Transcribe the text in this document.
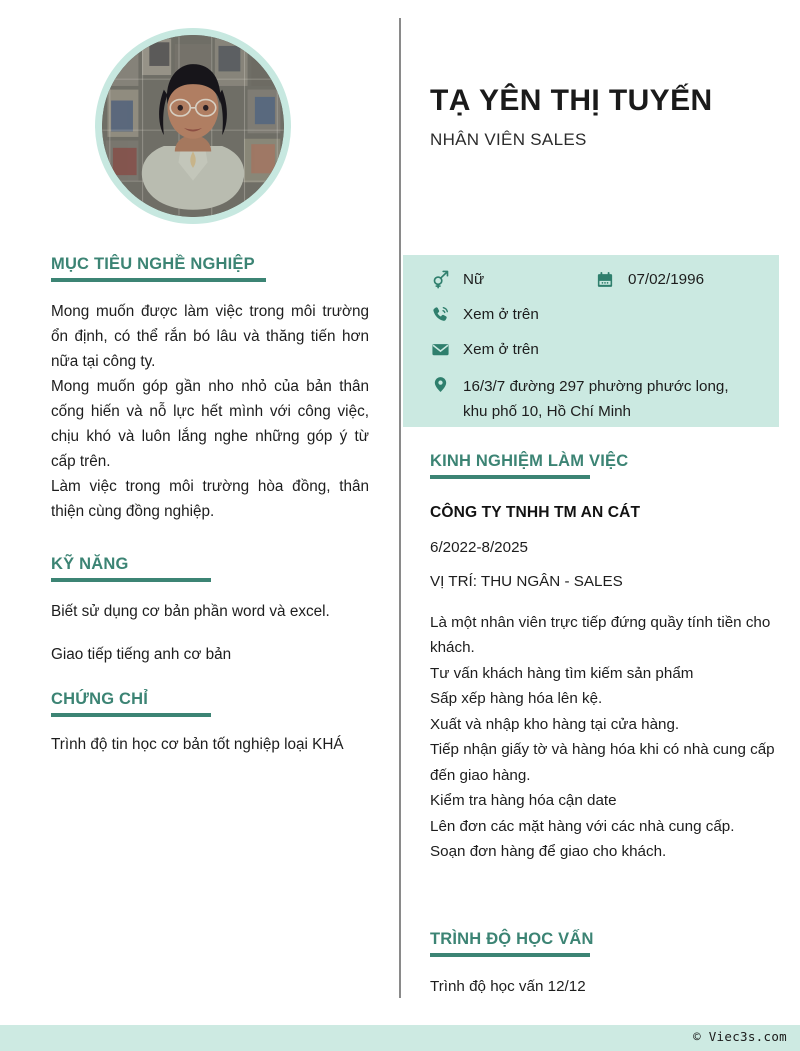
MỤC TIÊU NGHỀ NGHIỆP

Mong muốn được làm việc trong môi trường ổn định, có thể rắn bó lâu và thăng tiến hơn nữa tại công ty.

Mong muốn góp gần nho nhỏ của bản thân cống hiến và nỗ lực hết mình với công việc, chịu khó và luôn lắng nghe những góp ý từ cấp trên.

Làm việc trong môi trường hòa đồng, thân thiện cùng đồng nghiệp.

KỸ NĂNG

Biết sử dụng cơ bản phần word và excel.

Giao tiếp tiếng anh cơ bản

CHỨNG CHỈ

Trình độ tin học cơ bản tốt nghiệp loại KHÁ

TẠ YÊN THỊ TUYẾN
NHÂN VIÊN SALES
Nữ	07/02/1996
Xem ở trên
Xem ở trên
16/3/7 đường 297 phường phước long, khu phố 10, Hồ Chí Minh
KINH NGHIỆM LÀM VIỆC
CÔNG TY TNHH TM AN CÁT
6/2022-8/2025
VỊ TRÍ: THU NGÂN - SALES
Là một nhân viên trực tiếp đứng quầy tính tiền cho khách.
Tư vấn khách hàng tìm kiếm sản phẩm
Sấp xếp hàng hóa lên kệ.
Xuất và nhập kho hàng tại cửa hàng.
Tiếp nhận giấy tờ và hàng hóa khi có nhà cung cấp đến giao hàng.
Kiểm tra hàng hóa cận date
Lên đơn các mặt hàng với các nhà cung cấp.
Soạn đơn hàng để giao cho khách.
TRÌNH ĐỘ HỌC VẤN
Trình độ học vấn 12/12
© Viec3s.com
